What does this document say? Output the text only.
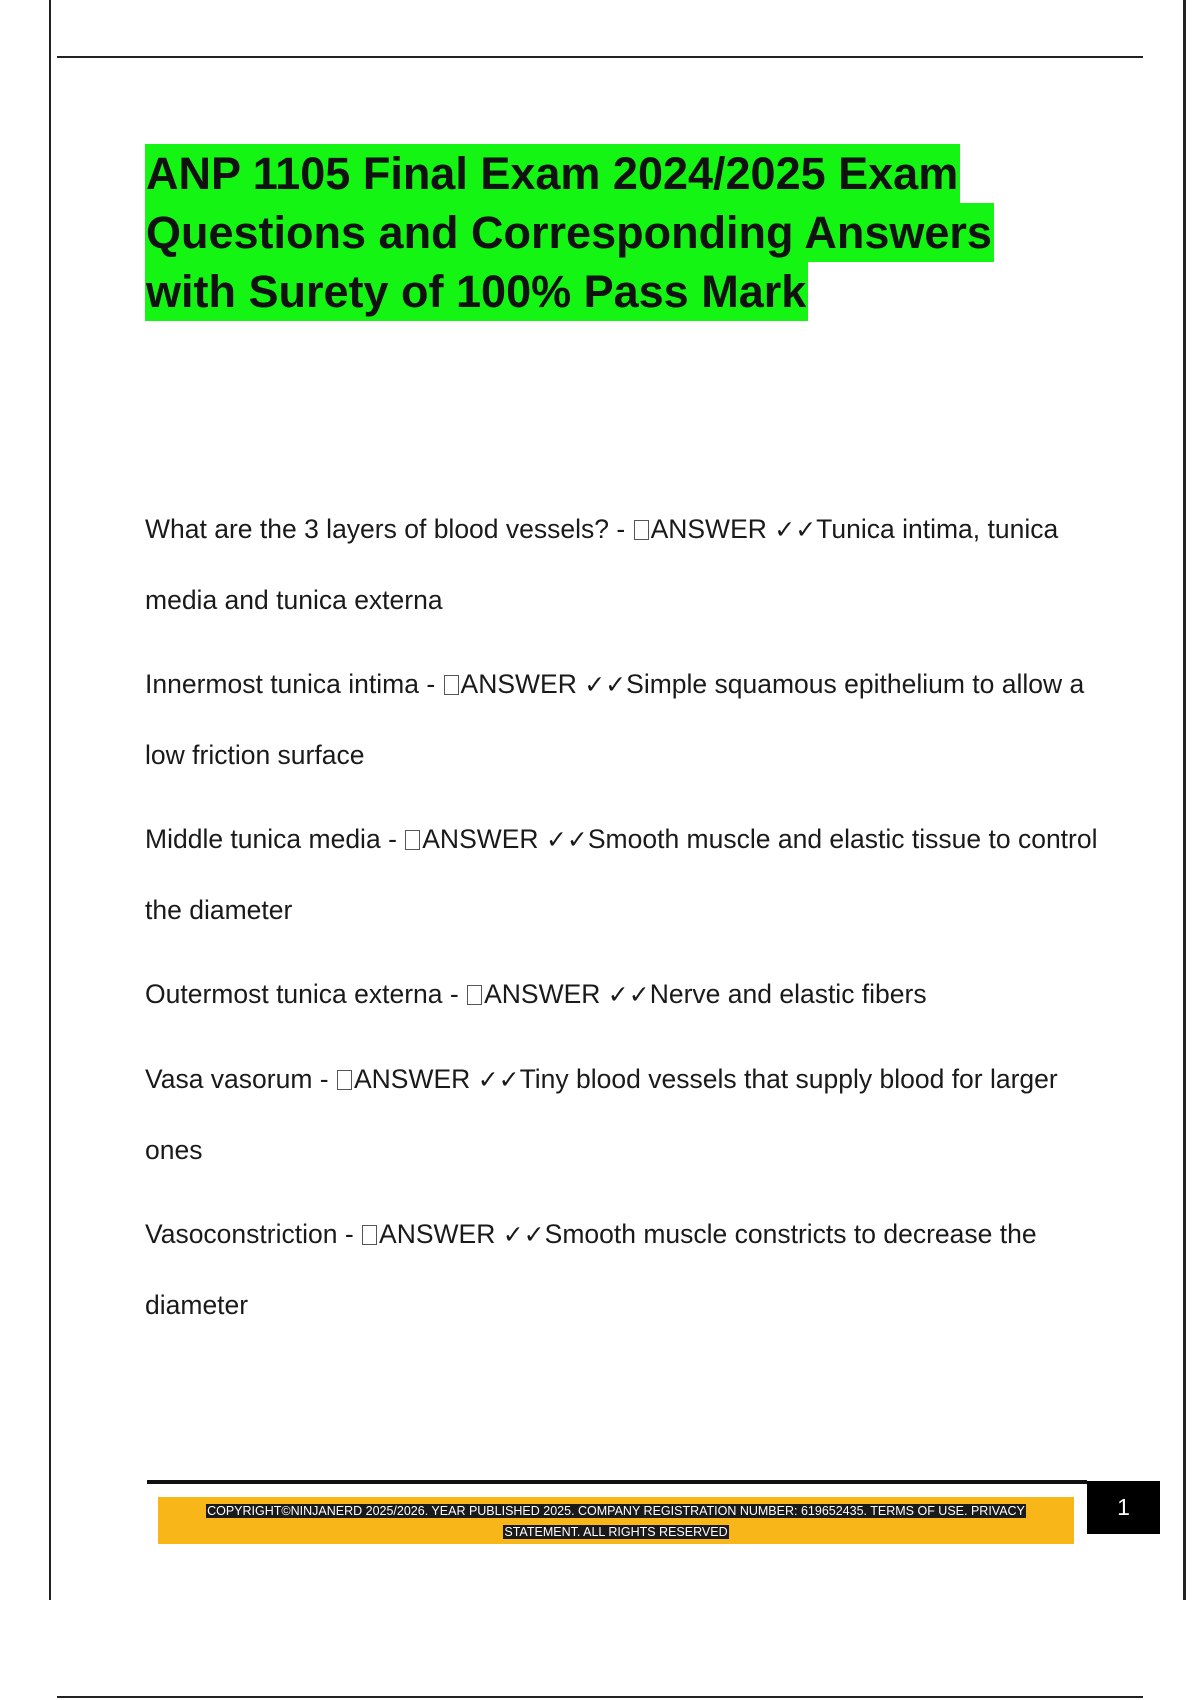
ANP 1105 Final Exam 2024/2025 Exam
Questions and Corresponding Answers
with Surety of 100% Pass Mark
What are the 3 layers of blood vessels? - ANSWER ✓✓Tunica intima, tunica media and tunica externa
Innermost tunica intima - ANSWER ✓✓Simple squamous epithelium to allow a low friction surface
Middle tunica media - ANSWER ✓✓Smooth muscle and elastic tissue to control the diameter
Outermost tunica externa - ANSWER ✓✓Nerve and elastic fibers
Vasa vasorum - ANSWER ✓✓Tiny blood vessels that supply blood for larger ones
Vasoconstriction - ANSWER ✓✓Smooth muscle constricts to decrease the diameter
COPYRIGHT©NINJANERD 2025/2026. YEAR PUBLISHED 2025. COMPANY REGISTRATION NUMBER: 619652435. TERMS OF USE. PRIVACY
STATEMENT. ALL RIGHTS RESERVED
1
